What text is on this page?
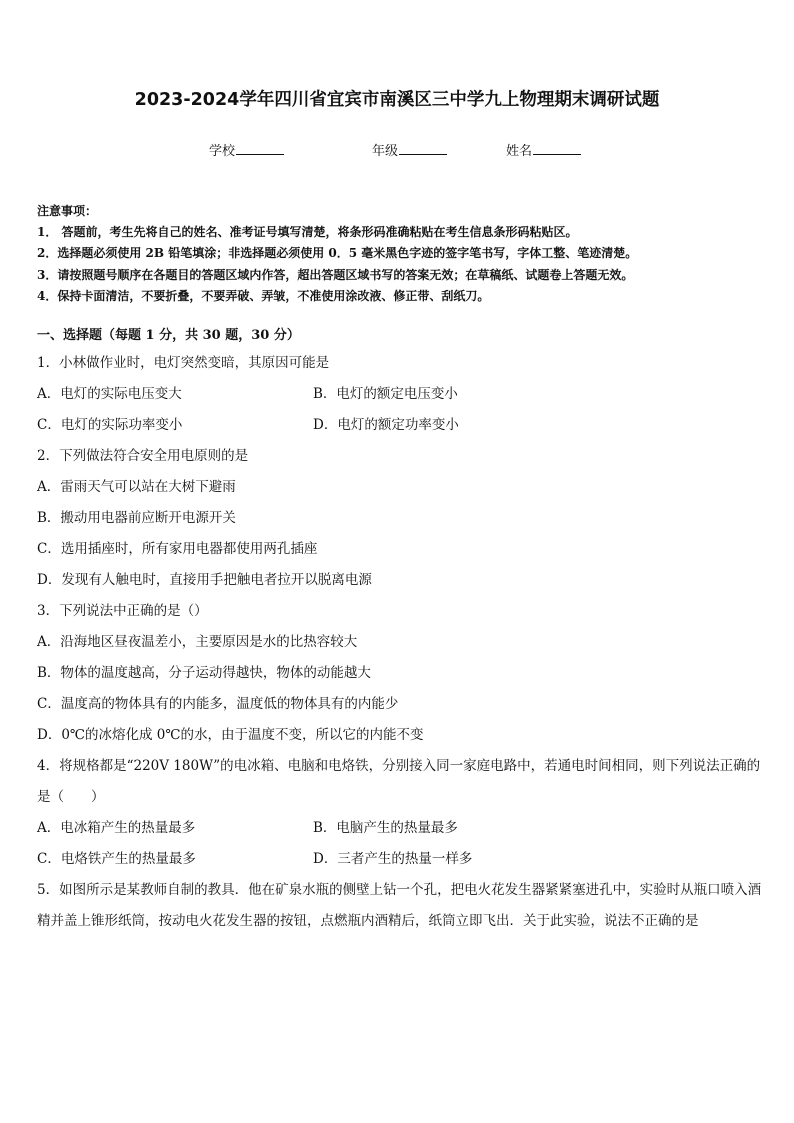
2023-2024学年四川省宜宾市南溪区三中学九上物理期末调研试题
学校	年级	姓名
注意事项：
1． 答题前，考生先将自己的姓名、准考证号填写清楚，将条形码准确粘贴在考生信息条形码粘贴区。
2．选择题必须使用 2B 铅笔填涂；非选择题必须使用 0．5 毫米黑色字迹的签字笔书写，字体工整、笔迹清楚。
3．请按照题号顺序在各题目的答题区域内作答，超出答题区域书写的答案无效；在草稿纸、试题卷上答题无效。
4．保持卡面清洁，不要折叠，不要弄破、弄皱，不准使用涂改液、修正带、刮纸刀。
一、选择题（每题 1 分，共 30 题，30 分）
1．小林做作业时，电灯突然变暗，其原因可能是
A．电灯的实际电压变大	B．电灯的额定电压变小
C．电灯的实际功率变小	D．电灯的额定功率变小
2．下列做法符合安全用电原则的是
A．雷雨天气可以站在大树下避雨
B．搬动用电器前应断开电源开关
C．选用插座时，所有家用电器都使用两孔插座
D．发现有人触电时，直接用手把触电者拉开以脱离电源
3．下列说法中正确的是（）
A．沿海地区昼夜温差小，主要原因是水的比热容较大
B．物体的温度越高，分子运动得越快，物体的动能越大
C．温度高的物体具有的内能多，温度低的物体具有的内能少
D．0℃的冰熔化成 0℃的水，由于温度不变，所以它的内能不变
4．将规格都是“220V 180W”的电冰箱、电脑和电烙铁，分别接入同一家庭电路中，若通电时间相同，则下列说法正确的是（　　）
A．电冰箱产生的热量最多	B．电脑产生的热量最多
C．电烙铁产生的热量最多	D．三者产生的热量一样多
5．如图所示是某教师自制的教具．他在矿泉水瓶的侧壁上钻一个孔，把电火花发生器紧紧塞进孔中，实验时从瓶口喷入酒精并盖上锥形纸筒，按动电火花发生器的按钮，点燃瓶内酒精后，纸筒立即飞出．关于此实验，说法不正确的是
